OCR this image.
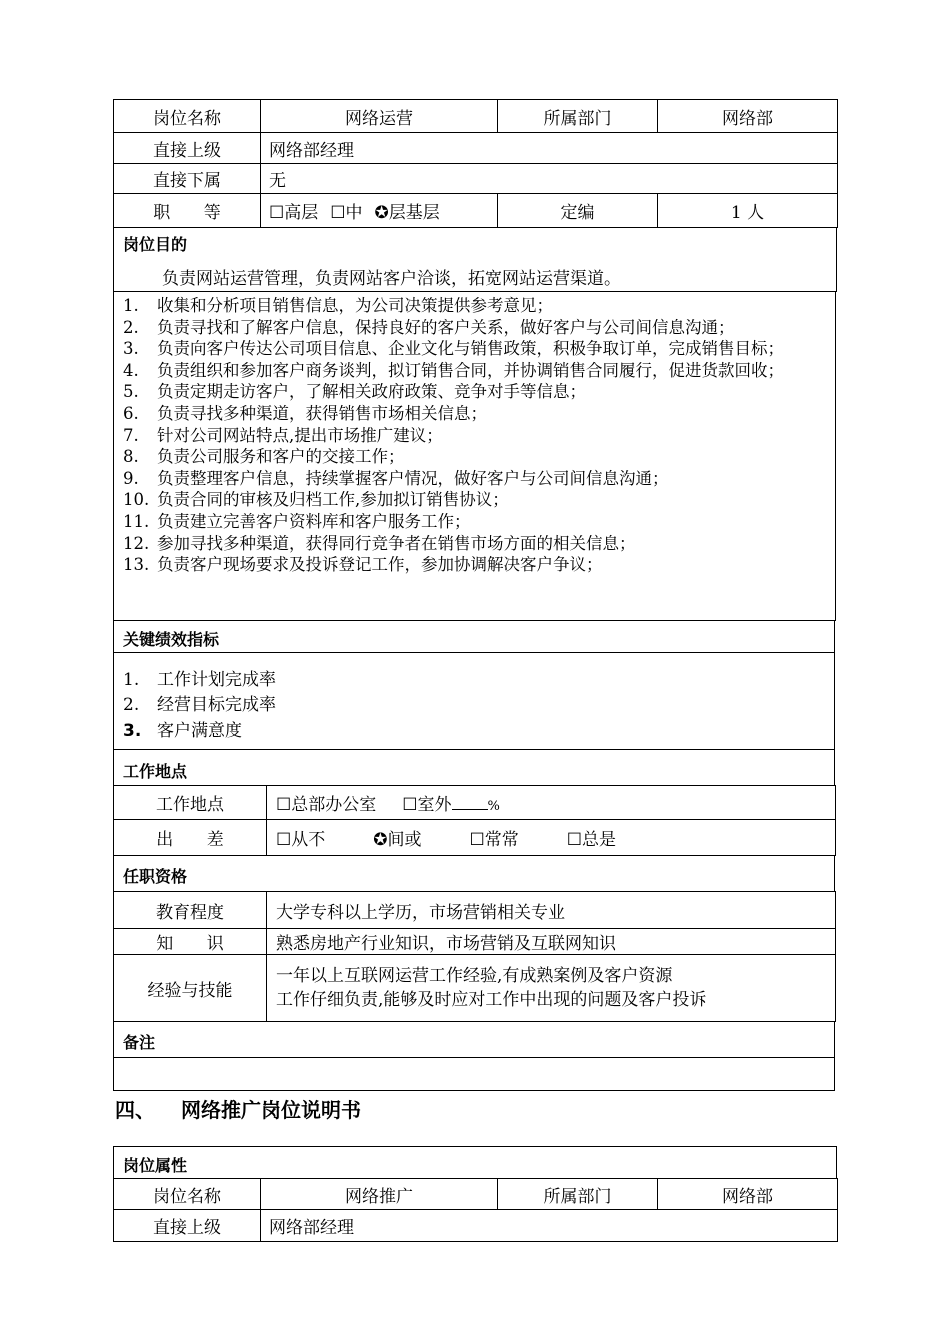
岗位名称	网络运营	所属部门	网络部
直接上级	网络部经理		
直接下属	无		
职 等	☐高层 ☐中 ✪层基层	定编	1 人
岗位目的
负责网站运营管理，负责网站客户洽谈，拓宽网站运营渠道。
1.	收集和分析项目销售信息，为公司决策提供参考意见；
2.	负责寻找和了解客户信息，保持良好的客户关系，做好客户与公司间信息沟通；
3.	负责向客户传达公司项目信息、企业文化与销售政策，积极争取订单，完成销售目标；
4.	负责组织和参加客户商务谈判，拟订销售合同，并协调销售合同履行，促进货款回收；
5.	负责定期走访客户，了解相关政府政策、竞争对手等信息；
6.	负责寻找多种渠道，获得销售市场相关信息；
7.	针对公司网站特点,提出市场推广建议；
8.	负责公司服务和客户的交接工作；
9.	负责整理客户信息，持续掌握客户情况，做好客户与公司间信息沟通；
10. 负责合同的审核及归档工作,参加拟订销售协议；
11. 负责建立完善客户资料库和客户服务工作；
12. 参加寻找多种渠道，获得同行竞争者在销售市场方面的相关信息；
13. 负责客户现场要求及投诉登记工作，参加协调解决客户争议；
关键绩效指标
1. 工作计划完成率
2. 经营目标完成率
3. 客户满意度
工作地点
工作地点	☐总部办公室 ☐室外 %
出 差	☐从不 ✪间或 ☐常常 ☐总是
任职资格
教育程度	大学专科以上学历，市场营销相关专业
知 识	熟悉房地产行业知识，市场营销及互联网知识
经验与技能	一年以上互联网运营工作经验,有成熟案例及客户资源
工作仔细负责,能够及时应对工作中出现的问题及客户投诉
备注
四、 网络推广岗位说明书
岗位属性
岗位名称	网络推广	所属部门	网络部
直接上级	网络部经理		
